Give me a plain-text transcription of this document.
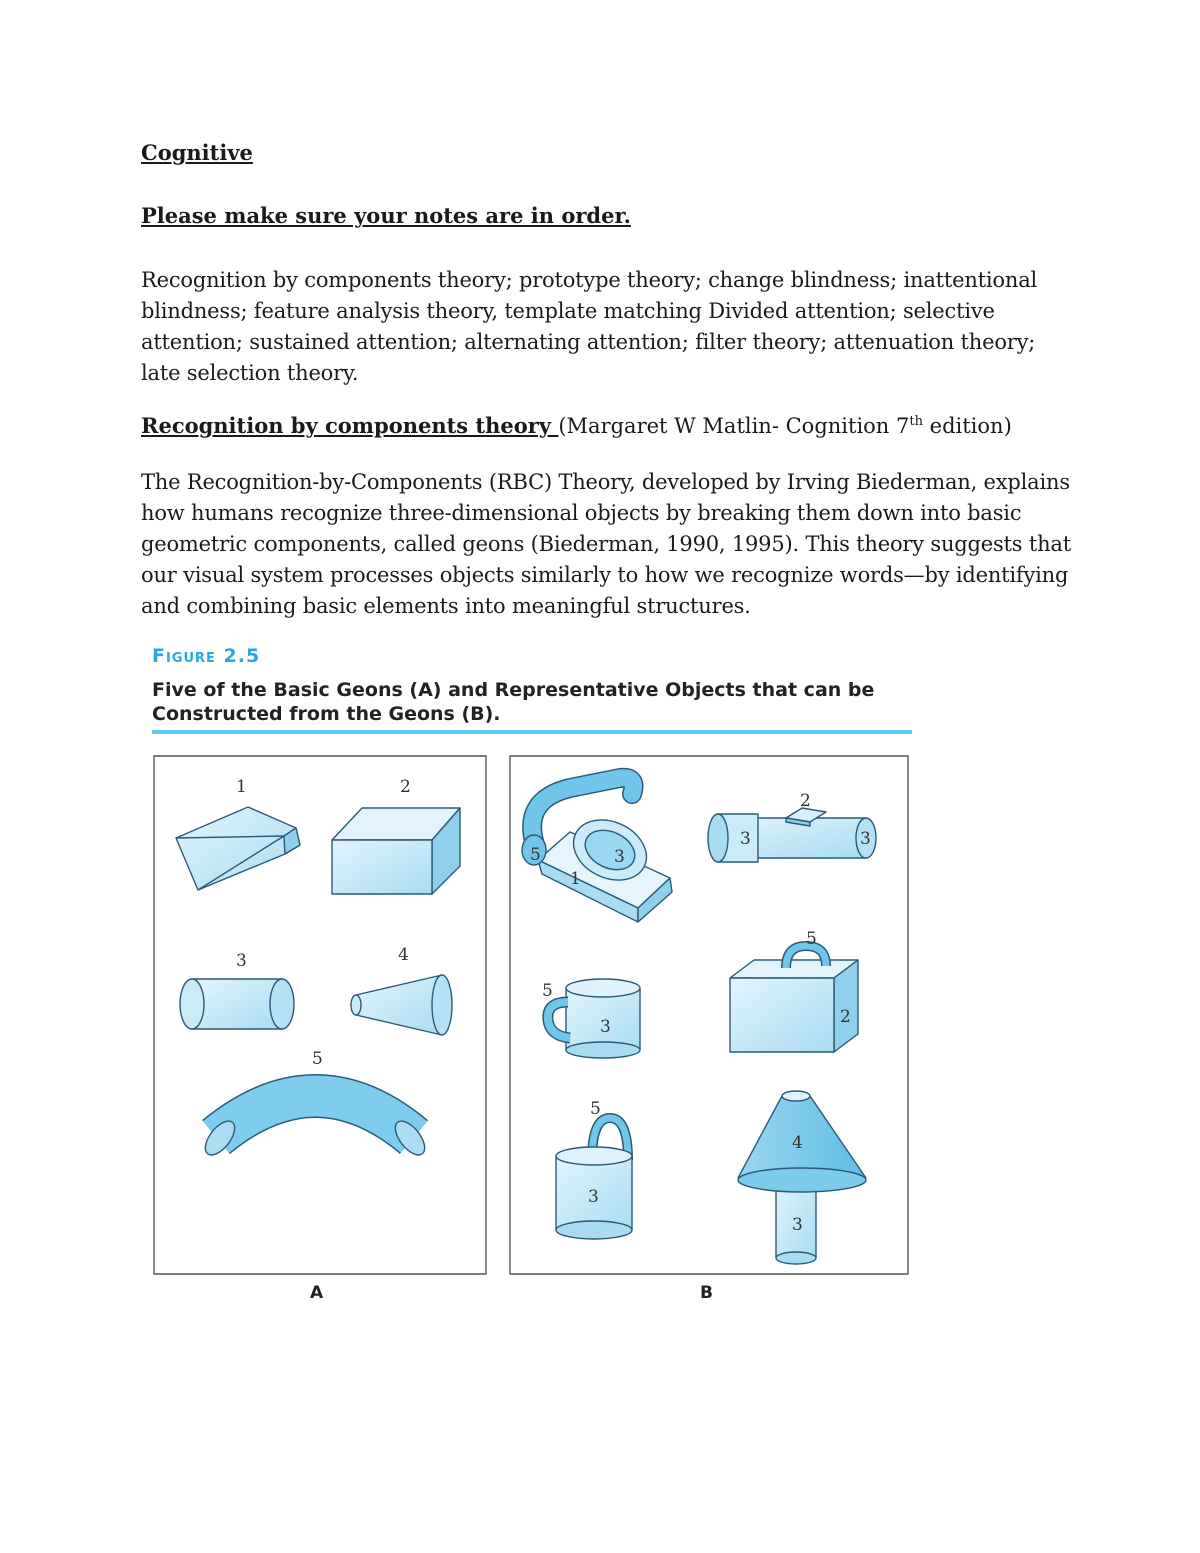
Cognitive

Please make sure your notes are in order.

Recognition by components theory; prototype theory; change blindness; inattentional blindness; feature analysis theory, template matching Divided attention; selective attention; sustained attention; alternating attention; filter theory; attenuation theory; late selection theory.

Recognition by components theory (Margaret W Matlin- Cognition 7th edition)

The Recognition-by-Components (RBC) Theory, developed by Irving Biederman, explains how humans recognize three-dimensional objects by breaking them down into basic geometric components, called geons (Biederman, 1990, 1995). This theory suggests that our visual system processes objects similarly to how we recognize words—by identifying and combining basic elements into meaningful structures.

Figure 2.5
Five of the Basic Geons (A) and Representative Objects that can be Constructed from the Geons (B).
1	2
3	4
5
5	3
1
2
3	3
5
3
5
2
5
3
4
3
A	B
